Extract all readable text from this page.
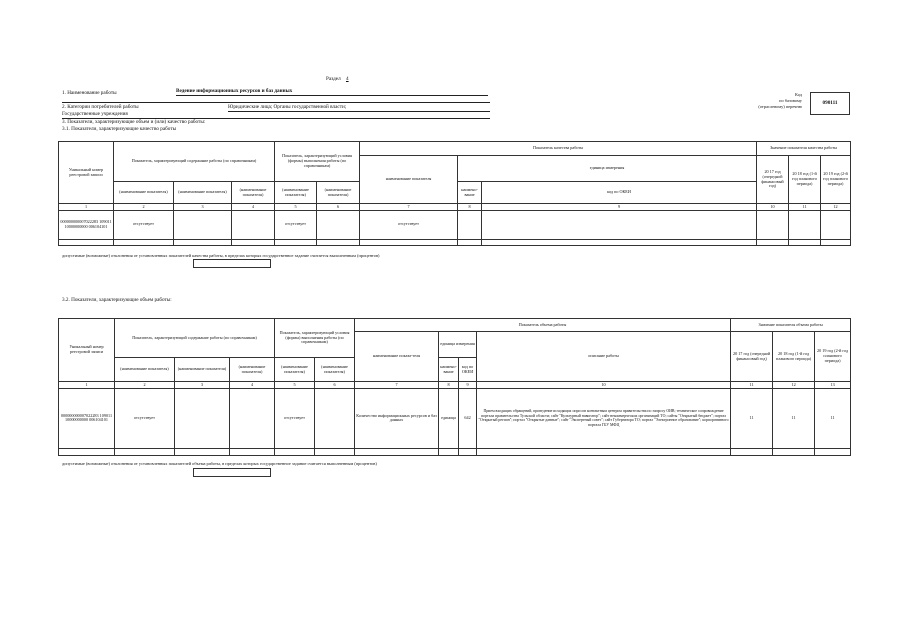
Раздел 4
1. Наименование работы	Ведение информационных ресурсов и баз данных
Код
по базовому
(отраслевому) перечню
090111
2. Категории потребителей работы	Юридические лица; Органы государственной власти;
Государственные учреждения
3. Показатели, характеризующие объем и (или) качество работы:
3.1. Показатели, характеризующие качество работы
Уникальный номер реестровой записи	Показатель, характеризующий содержание работы (по справочникам)			Показатель, характеризующий условия (формы) выполнения работы (по справочникам)		Показатель качества работы			Значение показателя качества работы		
						наименование показателя	единица измерения		20 17 год (очередной финансовый год)	20 18 год (1-й год планового периода)	20 19 год (2-й год планового периода)
	(наименование показателя)	(наименование показателя)	(наименование показателя)	(наименование показателя)	(наименование показателя)		наимено-вание	код по ОКЕИ			
1	2	3	4	5	6	7	8	9	10	11	12
000000000007022283 10901110000000000 006104101	отсутствует			отсутствует		отсутствует					

допустимые (возможные) отклонения от установленных показателей качества работы, в пределах которых государственное задание считается выполненным (процентов)
3.2. Показатели, характеризующие объем работы:
Уникальный номер реестровой записи	Показатель, характеризующий содержание работы (по справочникам)			Показатель, характеризующий условия (формы) выполнения работы (по справочникам)		Показатель объема работы				Значение показателя объема работы		
						наименование показа-теля	единица измерения		описание работы	20 17 год (очередной финансовый год)	20 18 год (1-й год планового периода)	20 19 год (2-й год планового периода)
	(наименование показателя)	(наименование показателя)	(наименование показателя)	(наименование показателя)	(наименование показателя)		наимено-вание	код по ОКЕИ				
1	2	3	4	5	6	7	8	9	10	11	12	13
000000000007022283 10901110000000000 006104101	отсутствует			отсутствует		Количество информационных ресурсов и баз данных	единица	642	Прием входящих обращений, проведение исходящих опросов контактным центром правительства по запросу ОИВ; техническое сопровождение портала правительства Тульской области; сайт "Культурный навигатор"; сайт некоммерческих организаций ТО; сайты "Открытый бюджет"; портал "Открытый регион"; портал "Открытые данные"; сайт "Экспертный совет"; сайт Губернатора ТО; портал "Электронное образование"; корпоративного портала ГБУ МФЦ	11	11	11

допустимые (возможные) отклонения от установленных показателей объема работы, в пределах которых государственное задание считается выполненным (процентов)
